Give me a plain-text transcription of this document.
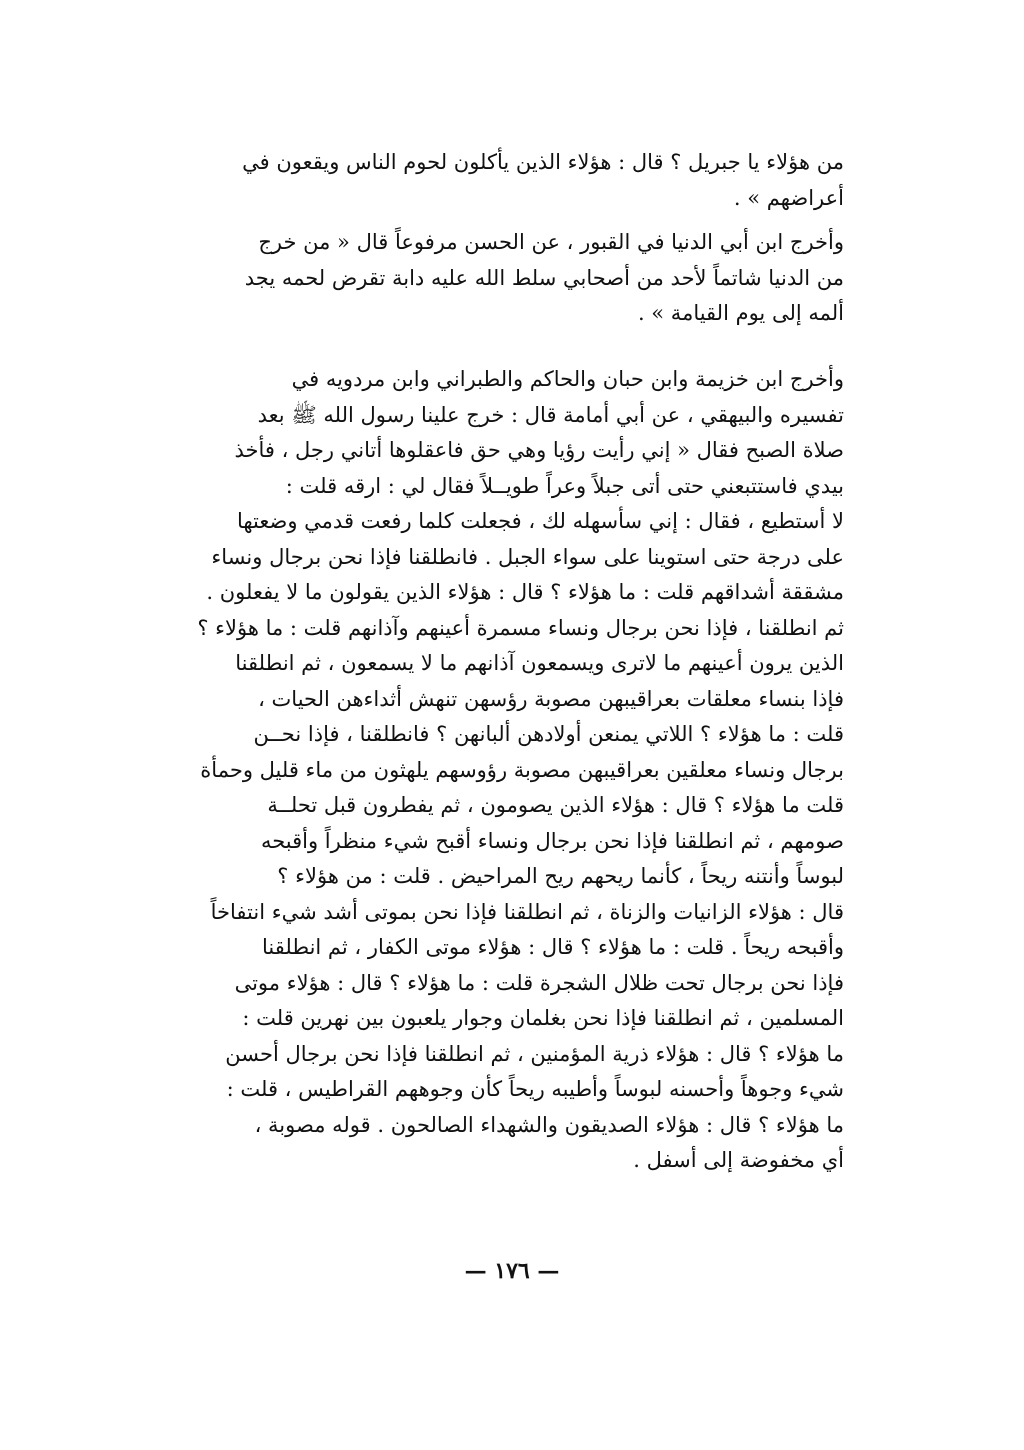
من هؤلاء يا جبريل ؟ قال : هؤلاء الذين يأكلون لحوم الناس ويقعون في
أعراضهم » .
وأخرج ابن أبي الدنيا في القبور ، عن الحسن مرفوعاً قال « من خرج
من الدنيا شاتماً لأحد من أصحابي سلط الله عليه دابة تقرض لحمه يجد
ألمه إلى يوم القيامة » .
وأخرج ابن خزيمة وابن حبان والحاكم والطبراني وابن مردويه في
تفسيره والبيهقي ، عن أبي أمامة قال : خرج علينا رسول الله ﷺ بعد
صلاة الصبح فقال « إني رأيت رؤيا وهي حق فاعقلوها أتاني رجل ، فأخذ
بيدي فاستتبعني حتى أتى جبلاً وعراً طويــلاً فقال لي : ارقه قلت :
لا أستطيع ، فقال : إني سأسهله لك ، فجعلت كلما رفعت قدمي وضعتها
على درجة حتى استوينا على سواء الجبل . فانطلقنا فإذا نحن برجال ونساء
مشققة أشداقهم قلت : ما هؤلاء ؟ قال : هؤلاء الذين يقولون ما لا يفعلون .
ثم انطلقنا ، فإذا نحن برجال ونساء مسمرة أعينهم وآذانهم قلت : ما هؤلاء ؟
الذين يرون أعينهم ما لاترى ويسمعون آذانهم ما لا يسمعون ، ثم انطلقنا
فإذا بنساء معلقات بعراقيبهن مصوبة رؤسهن تنهش أثداءهن الحيات ،
قلت : ما هؤلاء ؟ اللاتي يمنعن أولادهن ألبانهن ؟ فانطلقنا ، فإذا نحــن
برجال ونساء معلقين بعراقيبهن مصوبة رؤوسهم يلهثون من ماء قليل وحمأة
قلت ما هؤلاء ؟ قال : هؤلاء الذين يصومون ، ثم يفطرون قبل تحلــة
صومهم ، ثم انطلقنا فإذا نحن برجال ونساء أقبح شيء منظراً وأقبحه
لبوساً وأنتنه ريحاً ، كأنما ريحهم ريح المراحيض . قلت : من هؤلاء ؟
قال : هؤلاء الزانيات والزناة ، ثم انطلقنا فإذا نحن بموتى أشد شيء انتفاخاً
وأقبحه ريحاً . قلت : ما هؤلاء ؟ قال : هؤلاء موتى الكفار ، ثم انطلقنا
فإذا نحن برجال تحت ظلال الشجرة قلت : ما هؤلاء ؟ قال : هؤلاء موتى
المسلمين ، ثم انطلقنا فإذا نحن بغلمان وجوار يلعبون بين نهرين قلت :
ما هؤلاء ؟ قال : هؤلاء ذرية المؤمنين ، ثم انطلقنا فإذا نحن برجال أحسن
شيء وجوهاً وأحسنه لبوساً وأطيبه ريحاً كأن وجوههم القراطيس ، قلت :
ما هؤلاء ؟ قال : هؤلاء الصديقون والشهداء الصالحون . قوله مصوبة ،
أي مخفوضة إلى أسفل .
— ١٧٦ —
